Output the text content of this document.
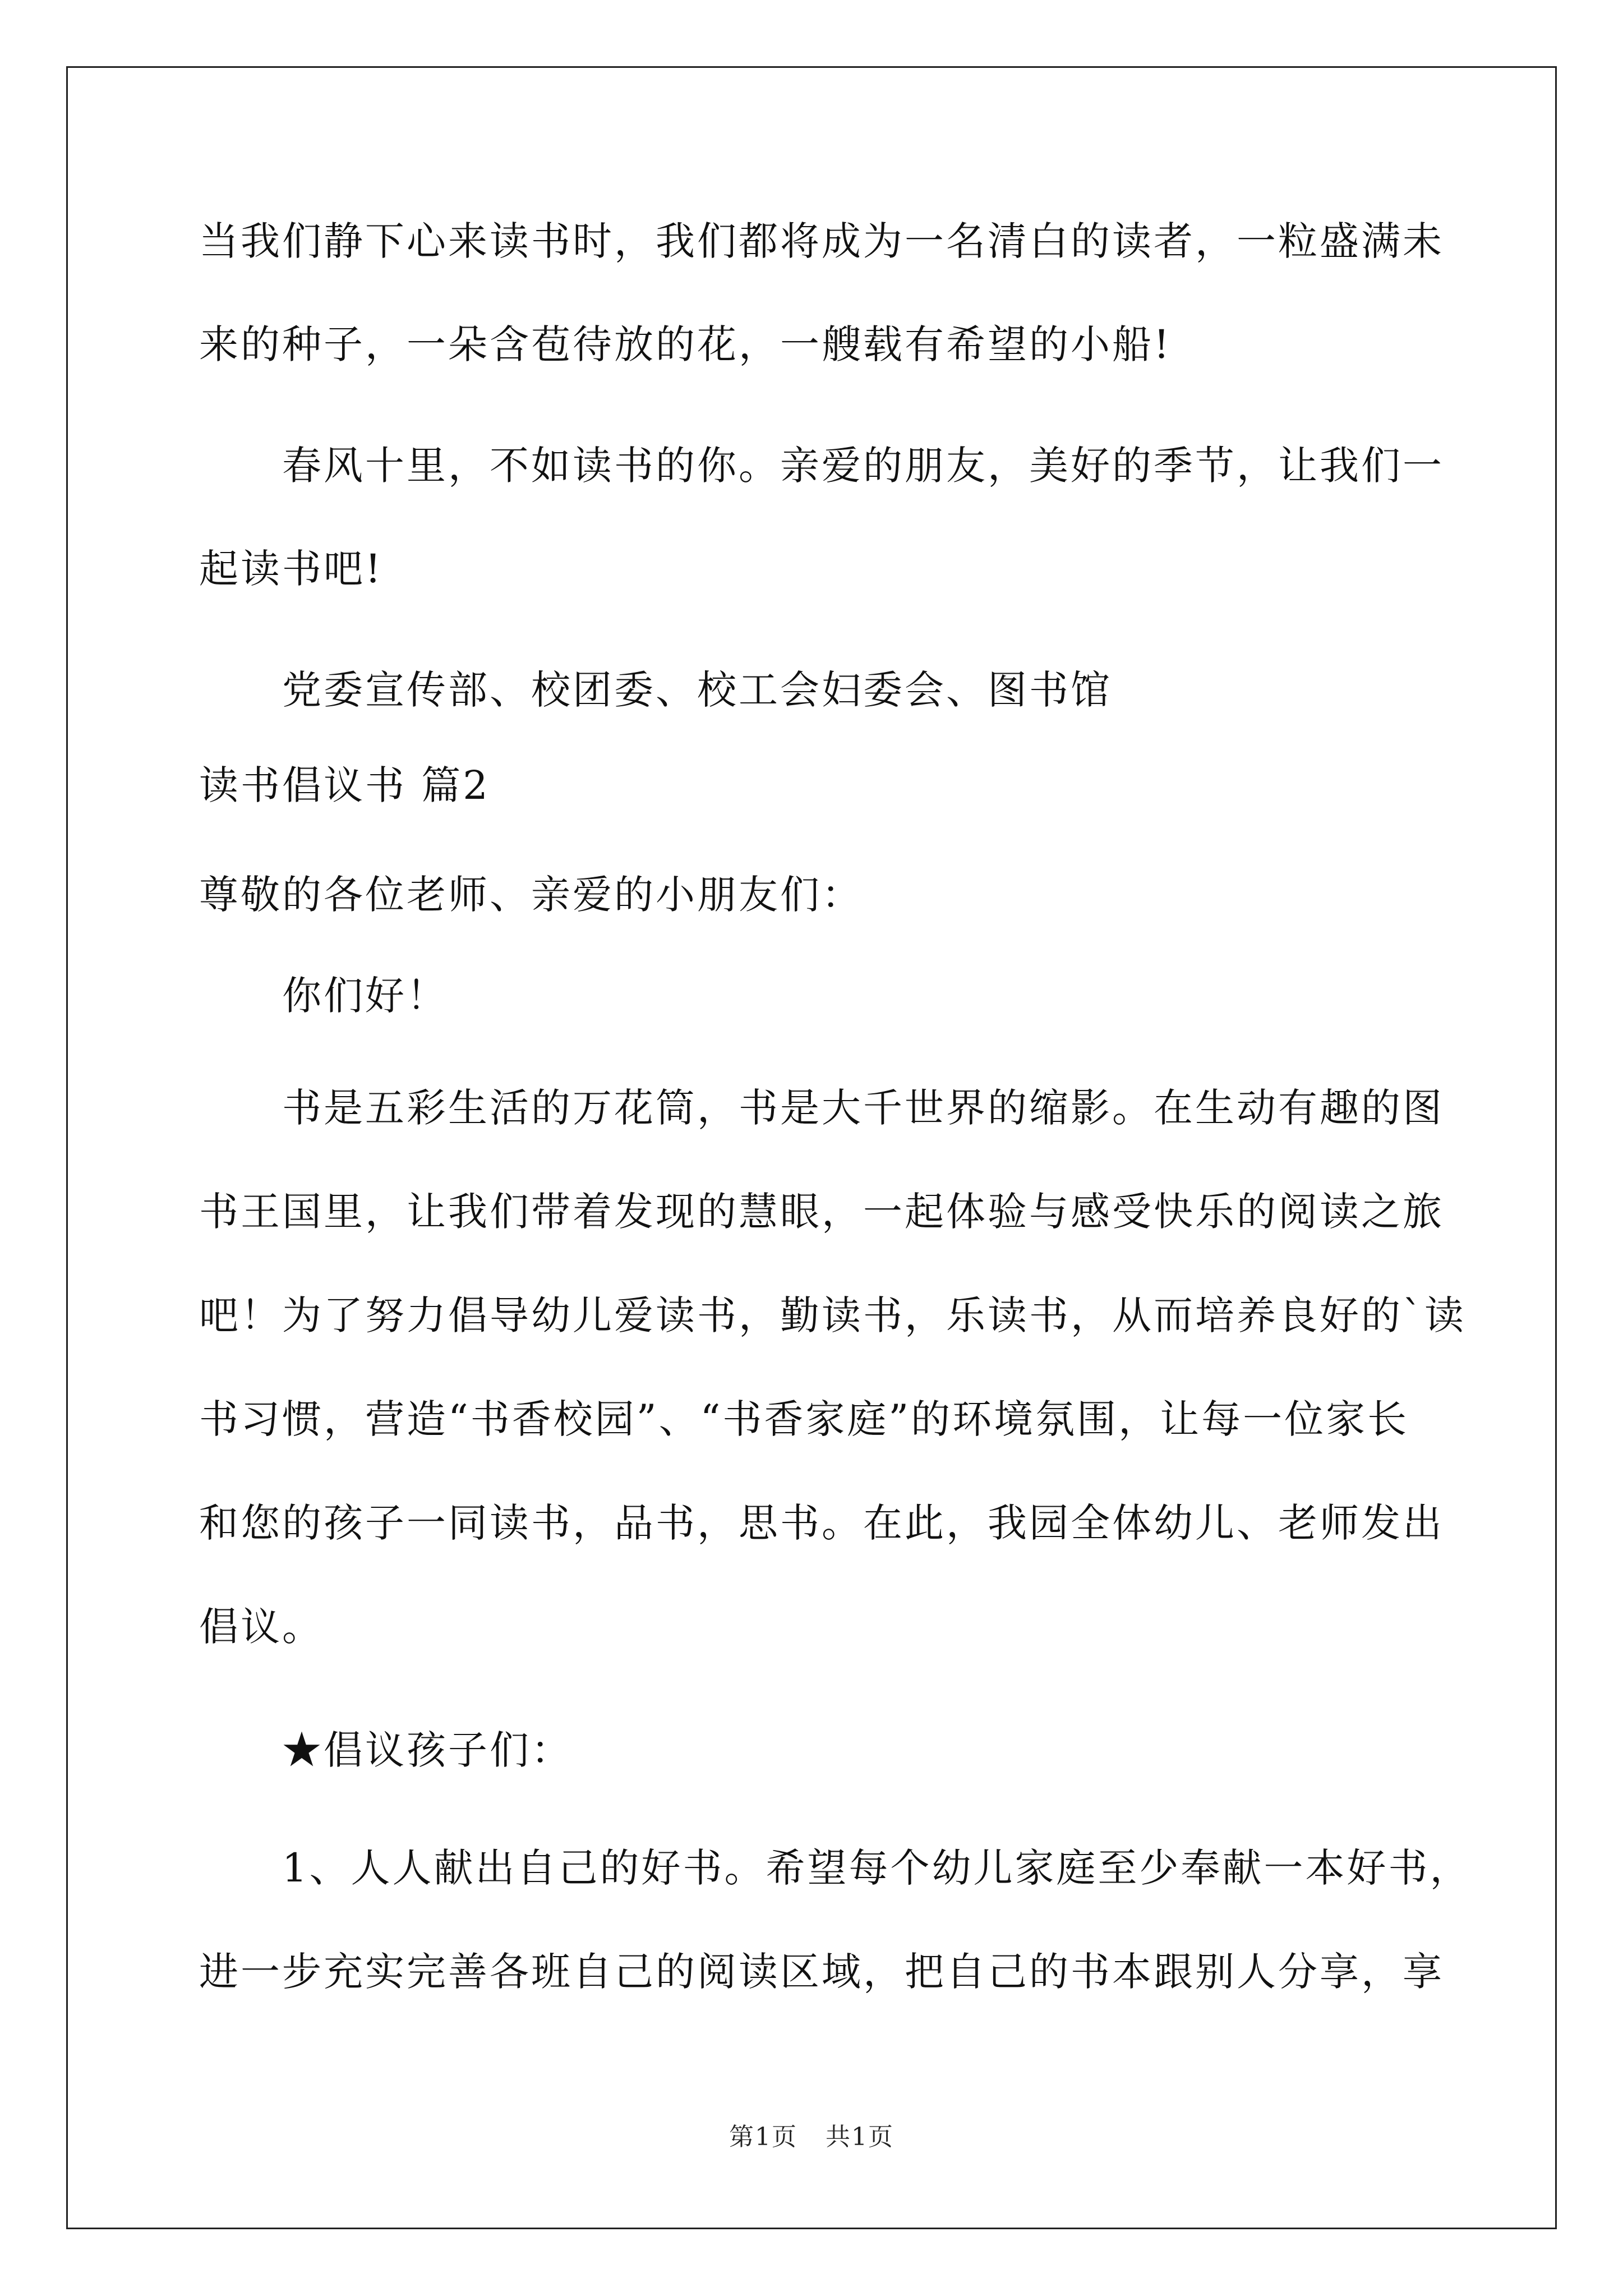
当我们静下心来读书时，我们都将成为一名清白的读者，一粒盛满未
来的种子，一朵含苞待放的花，一艘载有希望的小船!
春风十里，不如读书的你。亲爱的朋友，美好的季节，让我们一
起读书吧!
党委宣传部、校团委、校工会妇委会、图书馆
读书倡议书 篇2
尊敬的各位老师、亲爱的小朋友们：
你们好！
书是五彩生活的万花筒，书是大千世界的缩影。在生动有趣的图
书王国里，让我们带着发现的慧眼，一起体验与感受快乐的阅读之旅
吧！为了努力倡导幼儿爱读书，勤读书，乐读书，从而培养良好的`读
书习惯，营造“书香校园”、“书香家庭”的环境氛围，让每一位家长
和您的孩子一同读书，品书，思书。在此，我园全体幼儿、老师发出
倡议。
★倡议孩子们：
1、人人献出自己的好书。希望每个幼儿家庭至少奉献一本好书，
进一步充实完善各班自己的阅读区域，把自己的书本跟别人分享，享
第1页 共1页
